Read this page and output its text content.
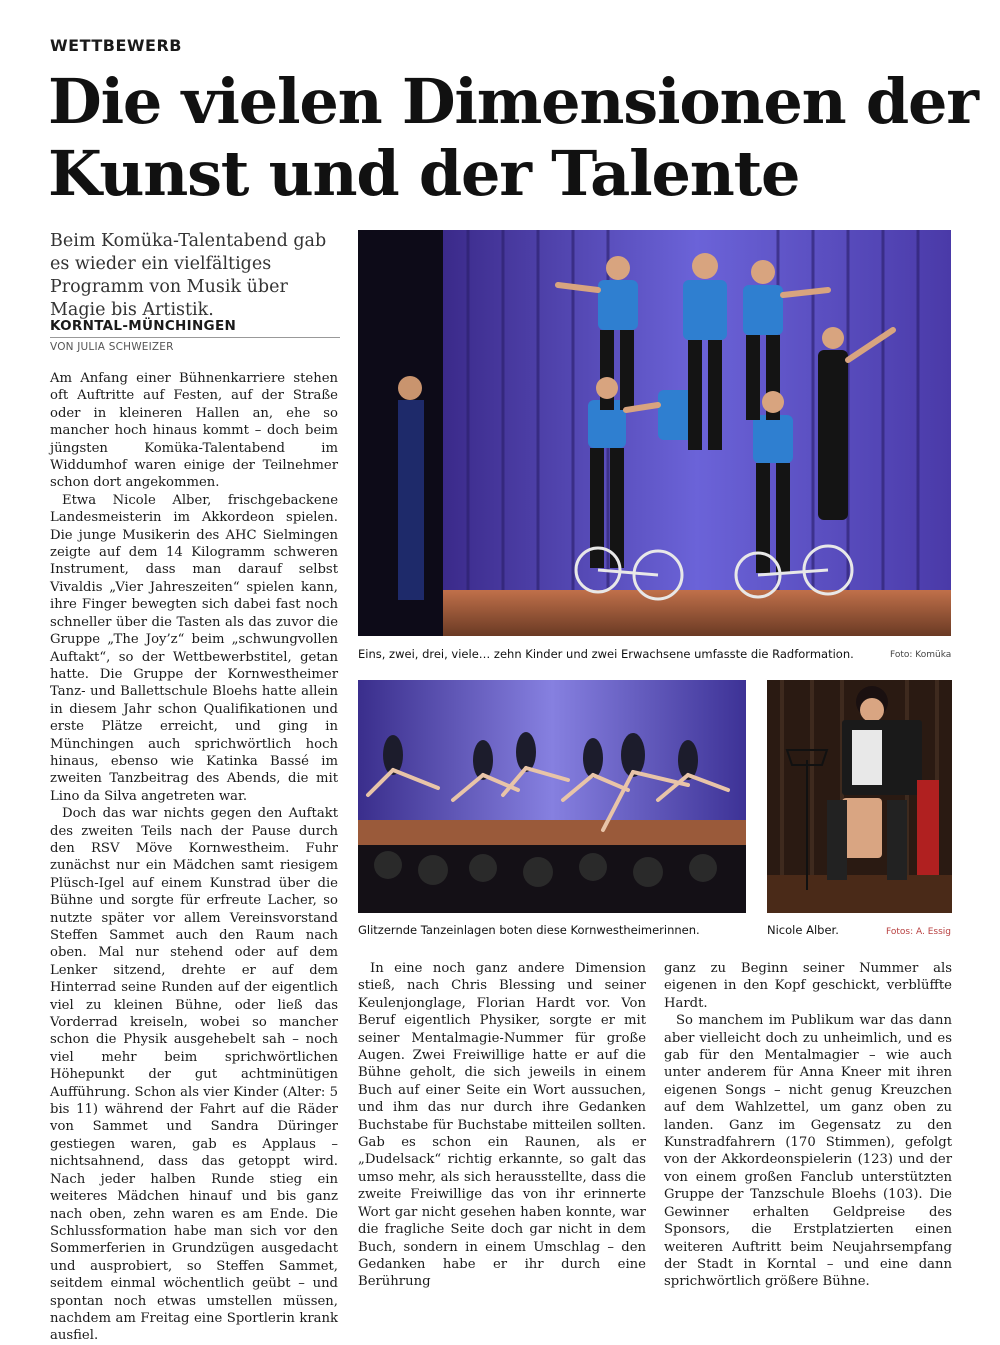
WETTBEWERB
Die vielen Dimensionen der
Kunst und der Talente
Beim Komüka-Talentabend gab es wieder ein vielfältiges Programm von Musik über Magie bis Artistik.
KORNTAL-MÜNCHINGEN
VON JULIA SCHWEIZER

Am Anfang einer Bühnenkarriere stehen oft Auftritte auf Festen, auf der Straße oder in kleineren Hallen an, ehe so mancher hoch hinaus kommt – doch beim jüngsten Komüka-Talentabend im Widdumhof waren einige der Teilnehmer schon dort angekommen.

Etwa Nicole Alber, frischgebackene Landesmeisterin im Akkordeon spielen. Die junge Musikerin des AHC Sielmingen zeigte auf dem 14 Kilogramm schweren Instrument, dass man darauf selbst Vivaldis „Vier Jahreszeiten“ spielen kann, ihre Finger bewegten sich dabei fast noch schneller über die Tasten als das zuvor die Gruppe „The Joy’z“ beim „schwungvollen Auftakt“, so der Wettbewerbstitel, getan hatte. Die Gruppe der Kornwestheimer Tanz- und Ballettschule Bloehs hatte allein in diesem Jahr schon Qualifikationen und erste Plätze erreicht, und ging in Münchingen auch sprichwörtlich hoch hinaus, ebenso wie Katinka Bassé im zweiten Tanzbeitrag des Abends, die mit Lino da Silva angetreten war.

Doch das war nichts gegen den Auftakt des zweiten Teils nach der Pause durch den RSV Möve Kornwestheim. Fuhr zunächst nur ein Mädchen samt riesigem Plüsch-Igel auf einem Kunstrad über die Bühne und sorgte für erfreute Lacher, so nutzte später vor allem Vereinsvorstand Steffen Sammet auch den Raum nach oben. Mal nur stehend oder auf dem Lenker sitzend, drehte er auf dem Hinterrad seine Runden auf der eigentlich viel zu kleinen Bühne, oder ließ das Vorderrad kreiseln, wobei so mancher schon die Physik ausgehebelt sah – noch viel mehr beim sprichwörtlichen Höhepunkt der gut achtminütigen Aufführung. Schon als vier Kinder (Alter: 5 bis 11) während der Fahrt auf die Räder von Sammet und Sandra Düringer gestiegen waren, gab es Applaus – nichtsahnend, dass das getoppt wird. Nach jeder halben Runde stieg ein weiteres Mädchen hinauf und bis ganz nach oben, zehn waren es am Ende. Die Schlussformation habe man sich vor den Sommerferien in Grundzügen ausgedacht und ausprobiert, so Steffen Sammet, seitdem einmal wöchentlich geübt – und spontan noch etwas umstellen müssen, nachdem am Freitag eine Sportlerin krank ausfiel.

Eins, zwei, drei, viele… zehn Kinder und zwei Erwachsene umfasste die Radformation.	Foto: Komüka
Glitzernde Tanzeinlagen boten diese Kornwestheimerinnen.	Nicole Alber.	Fotos: A. Essig

In eine noch ganz andere Dimension stieß, nach Chris Blessing und seiner Keulenjonglage, Florian Hardt vor. Von Beruf eigentlich Physiker, sorgte er mit seiner Mentalmagie-Nummer für große Augen. Zwei Freiwillige hatte er auf die Bühne geholt, die sich jeweils in einem Buch auf einer Seite ein Wort aussuchen, und ihm das nur durch ihre Gedanken Buchstabe für Buchstabe mitteilen sollten. Gab es schon ein Raunen, als er „Dudelsack“ richtig erkannte, so galt das umso mehr, als sich herausstellte, dass die zweite Freiwillige das von ihr erinnerte Wort gar nicht gesehen haben konnte, war die fragliche Seite doch gar nicht in dem Buch, sondern in einem Umschlag – den Gedanken habe er ihr durch eine Berührung

ganz zu Beginn seiner Nummer als eigenen in den Kopf geschickt, verblüffte Hardt.

So manchem im Publikum war das dann aber vielleicht doch zu unheimlich, und es gab für den Mentalmagier – wie auch unter anderem für Anna Kneer mit ihren eigenen Songs – nicht genug Kreuzchen auf dem Wahlzettel, um ganz oben zu landen. Ganz im Gegensatz zu den Kunstradfahrern (170 Stimmen), gefolgt von der Akkordeonspielerin (123) und der von einem großen Fanclub unterstützten Gruppe der Tanzschule Bloehs (103). Die Gewinner erhalten Geldpreise des Sponsors, die Erstplatzierten einen weiteren Auftritt beim Neujahrsempfang der Stadt in Korntal – und eine dann sprichwörtlich größere Bühne.
